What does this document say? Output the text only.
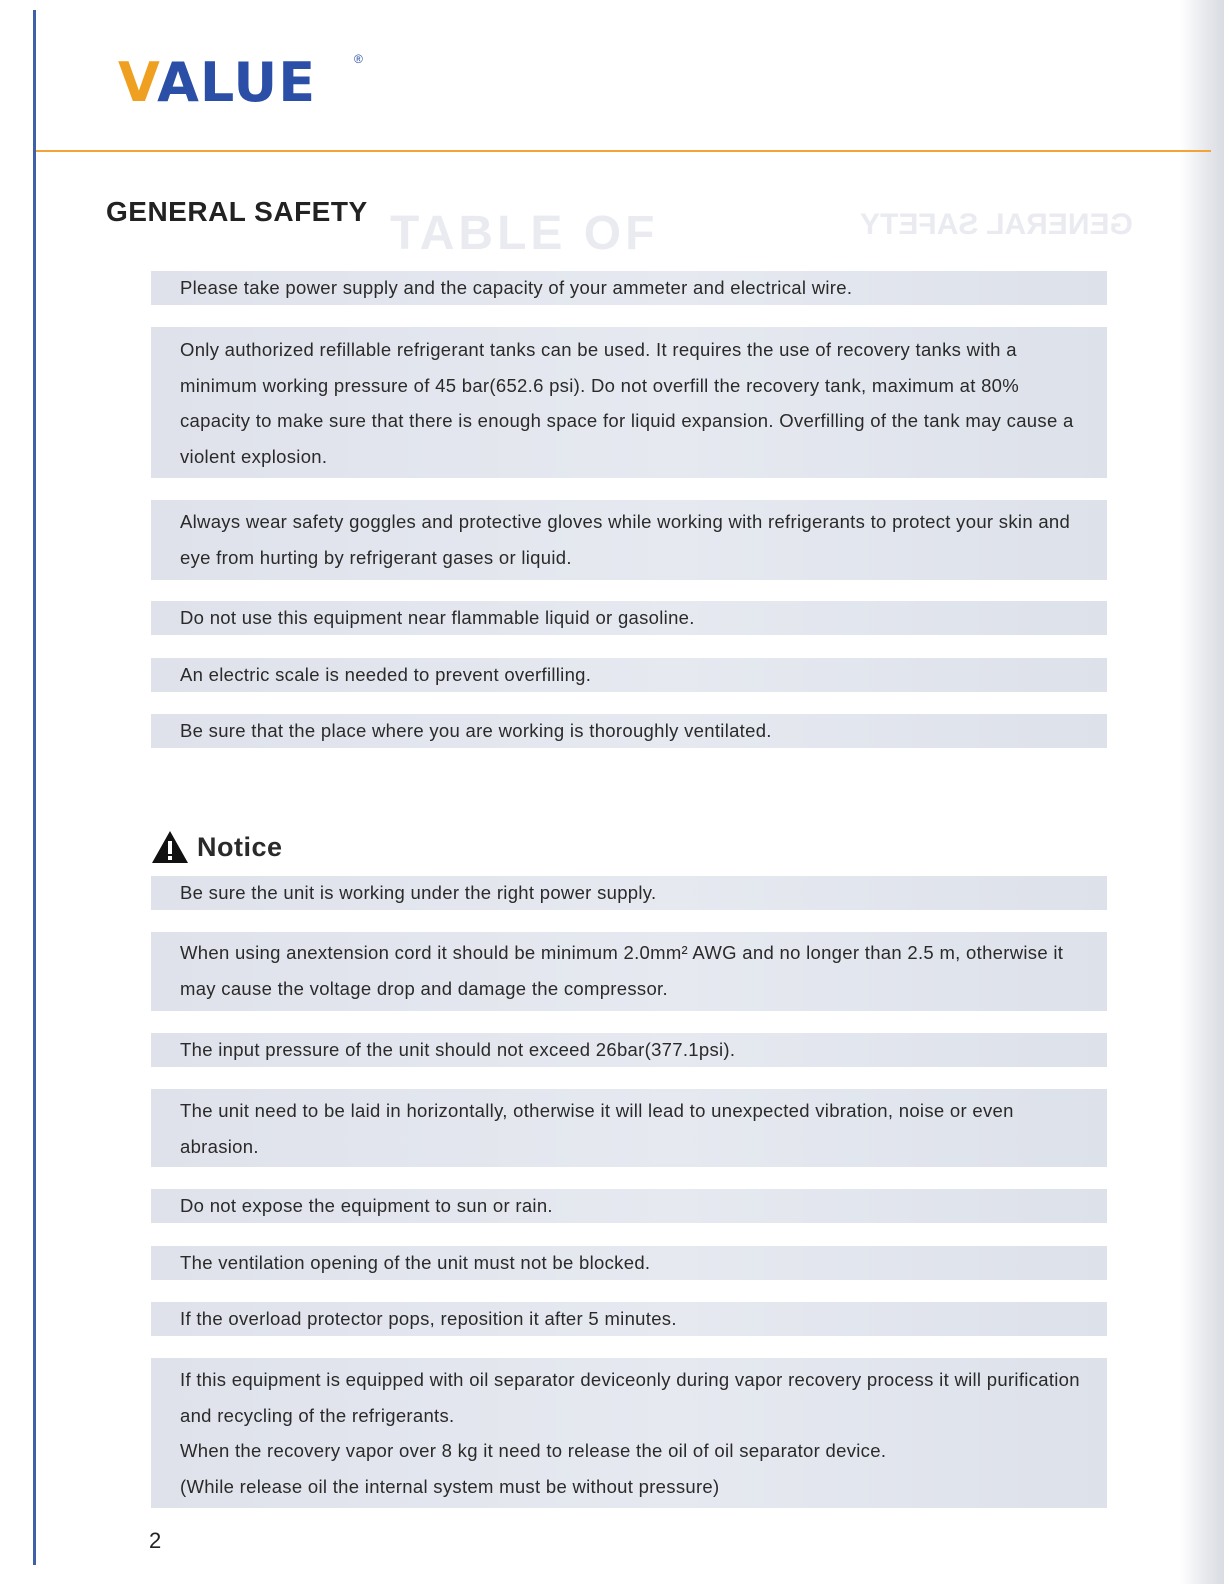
VALUE	®
TABLE OF	GENERAL SAFETY
GENERAL SAFETY

Please take power supply and the capacity of your ammeter and electrical wire.

Only authorized refillable refrigerant tanks can be used. It requires the use of recovery tanks with a minimum working pressure of 45 bar(652.6 psi). Do not overfill the recovery tank, maximum at 80% capacity to make sure that there is enough space for liquid expansion. Overfilling of the tank may cause a violent explosion.

Always wear safety goggles and protective gloves while working with refrigerants to protect your skin and eye from hurting by refrigerant gases or liquid.

Do not use this equipment near flammable liquid or gasoline.

An electric scale is needed to prevent overfilling.

Be sure that the place where you are working is thoroughly ventilated.

Notice

Be sure the unit is working under the right power supply.

When using anextension cord it should be minimum 2.0mm² AWG and no longer than 2.5 m, otherwise it may cause the voltage drop and damage the compressor.

The input pressure of the unit should not exceed 26bar(377.1psi).

The unit need to be laid in horizontally, otherwise it will lead to unexpected vibration, noise or even abrasion.

Do not expose the equipment to sun or rain.

The ventilation opening of the unit must not be blocked.

If the overload protector pops, reposition it after 5 minutes.

If this equipment is equipped with oil separator deviceonly during vapor recovery process it will purification and recycling of the refrigerants.

When the recovery vapor over 8 kg it need to release the oil of oil separator device.

(While release oil the internal system must be without pressure)

2
